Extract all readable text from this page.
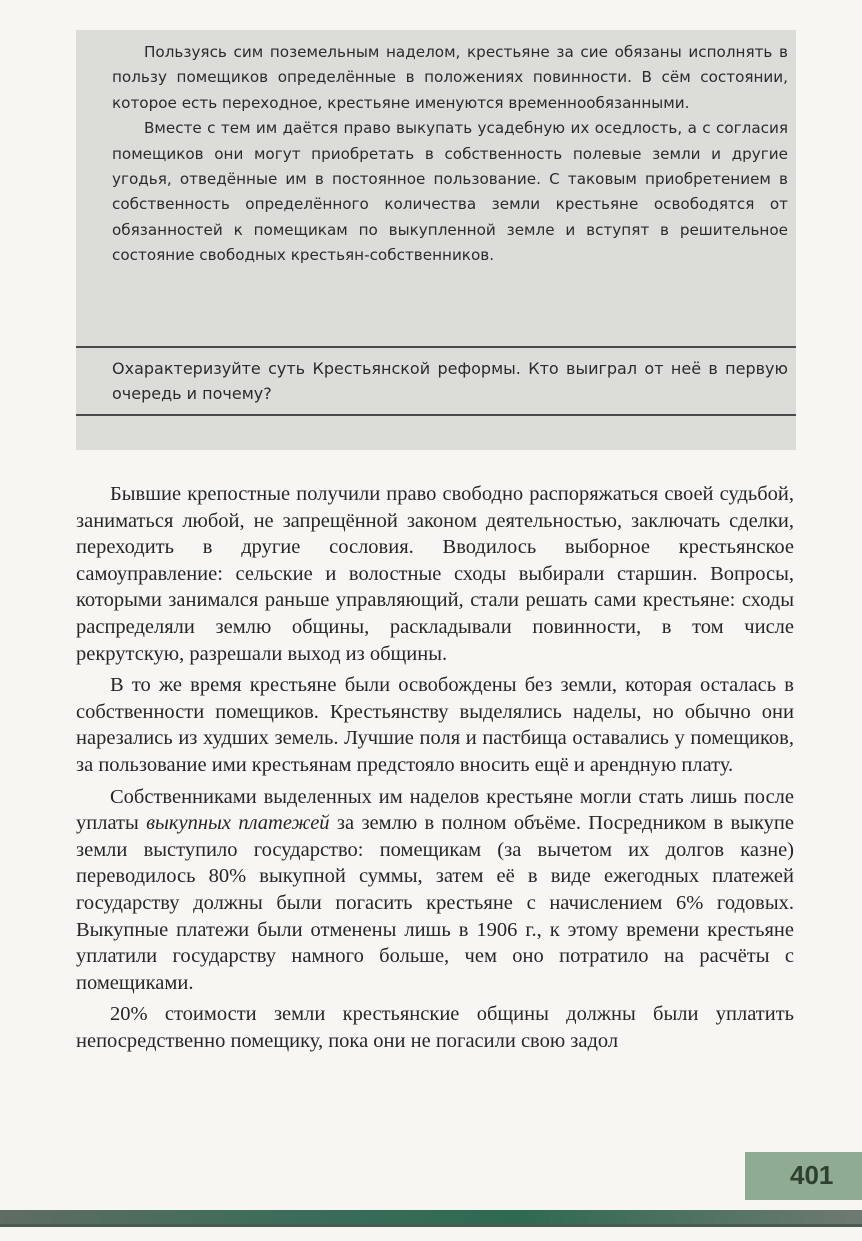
Пользуясь сим поземельным наделом, крестьяне за сие обязаны исполнять в пользу помещиков определённые в положениях повинности. В сём состоянии, которое есть переходное, крестьяне именуются временнообязанными.

Вместе с тем им даётся право выкупать усадебную их оседлость, а с согласия помещиков они могут приобретать в собственность полевые земли и другие угодья, отведённые им в постоянное пользование. С таковым приобретением в собственность определённого количества земли крестьяне освободятся от обязанностей к помещикам по выкупленной земле и вступят в решительное состояние свободных крестьян-собственников.

Охарактеризуйте суть Крестьянской реформы. Кто выиграл от неё в первую очередь и почему?

Бывшие крепостные получили право свободно распоряжаться своей судьбой, заниматься любой, не запрещённой законом деятельностью, заключать сделки, переходить в другие сословия. Вводилось выборное крестьянское самоуправление: сельские и волостные сходы выбирали старшин. Вопросы, которыми занимался раньше управляющий, стали решать сами крестьяне: сходы распределяли землю общины, раскладывали повинности, в том числе рекрутскую, разрешали выход из общины.

В то же время крестьяне были освобождены без земли, которая осталась в собственности помещиков. Крестьянству выделялись наделы, но обычно они нарезались из худших земель. Лучшие поля и пастбища оставались у помещиков, за пользование ими крестьянам предстояло вносить ещё и арендную плату.

Собственниками выделенных им наделов крестьяне могли стать лишь после уплаты выкупных платежей за землю в полном объёме. Посредником в выкупе земли выступило государство: помещикам (за вычетом их долгов казне) переводилось 80% выкупной суммы, затем её в виде ежегодных платежей государству должны были погасить крестьяне с начислением 6% годовых. Выкупные платежи были отменены лишь в 1906 г., к этому времени крестьяне уплатили государству намного больше, чем оно потратило на расчёты с помещиками.

20% стоимости земли крестьянские общины должны были уплатить непосредственно помещику, пока они не погасили свою задол

401
